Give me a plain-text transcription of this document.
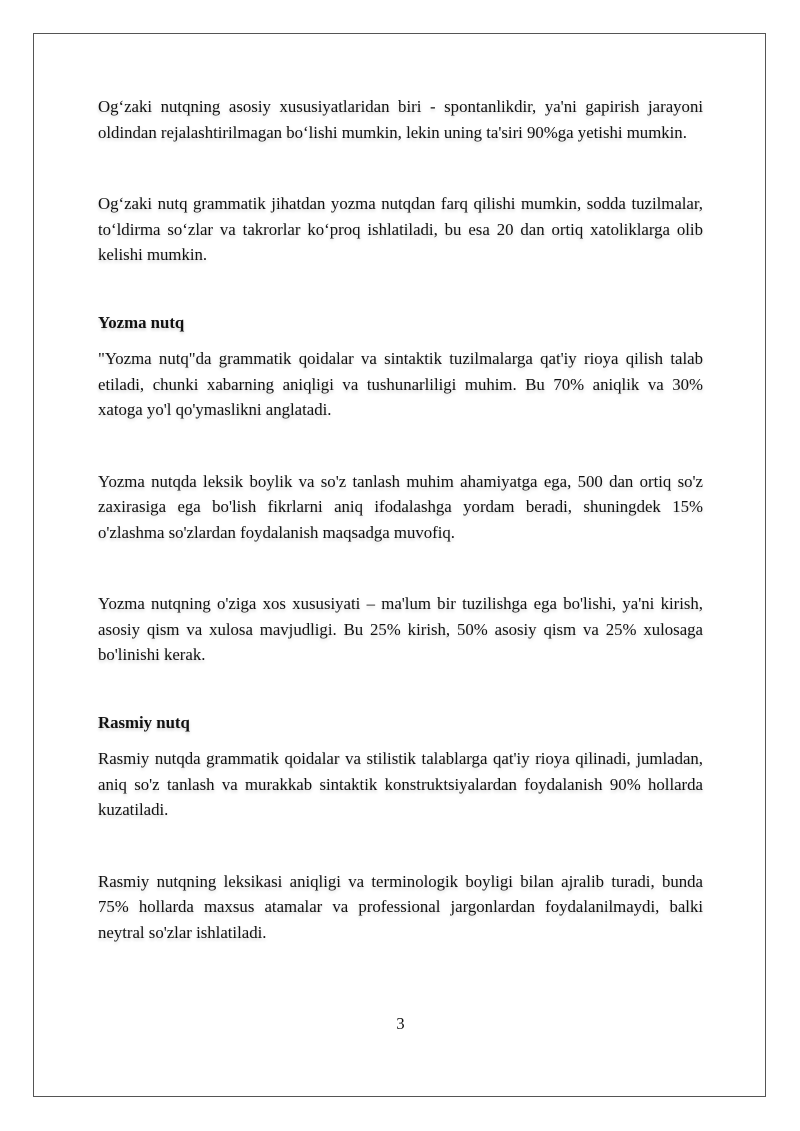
Og‘zaki nutqning asosiy xususiyatlaridan biri - spontanlikdir, ya'ni gapirish jarayoni oldindan rejalashtirilmagan bo‘lishi mumkin, lekin uning ta'siri 90%ga yetishi mumkin.

Og‘zaki nutq grammatik jihatdan yozma nutqdan farq qilishi mumkin, sodda tuzilmalar, to‘ldirma so‘zlar va takrorlar ko‘proq ishlatiladi, bu esa 20 dan ortiq xatoliklarga olib kelishi mumkin.

Yozma nutq

"Yozma nutq"da grammatik qoidalar va sintaktik tuzilmalarga qat'iy rioya qilish talab etiladi, chunki xabarning aniqligi va tushunarliligi muhim. Bu 70% aniqlik va 30% xatoga yo'l qo'ymaslikni anglatadi.

Yozma nutqda leksik boylik va so'z tanlash muhim ahamiyatga ega, 500 dan ortiq so'z zaxirasiga ega bo'lish fikrlarni aniq ifodalashga yordam beradi, shuningdek 15% o'zlashma so'zlardan foydalanish maqsadga muvofiq.

Yozma nutqning o'ziga xos xususiyati – ma'lum bir tuzilishga ega bo'lishi, ya'ni kirish, asosiy qism va xulosa mavjudligi. Bu 25% kirish, 50% asosiy qism va 25% xulosaga bo'linishi kerak.

Rasmiy nutq

Rasmiy nutqda grammatik qoidalar va stilistik talablarga qat'iy rioya qilinadi, jumladan, aniq so'z tanlash va murakkab sintaktik konstruktsiyalardan foydalanish 90% hollarda kuzatiladi.

Rasmiy nutqning leksikasi aniqligi va terminologik boyligi bilan ajralib turadi, bunda 75% hollarda maxsus atamalar va professional jargonlardan foydalanilmaydi, balki neytral so'zlar ishlatiladi.

3
